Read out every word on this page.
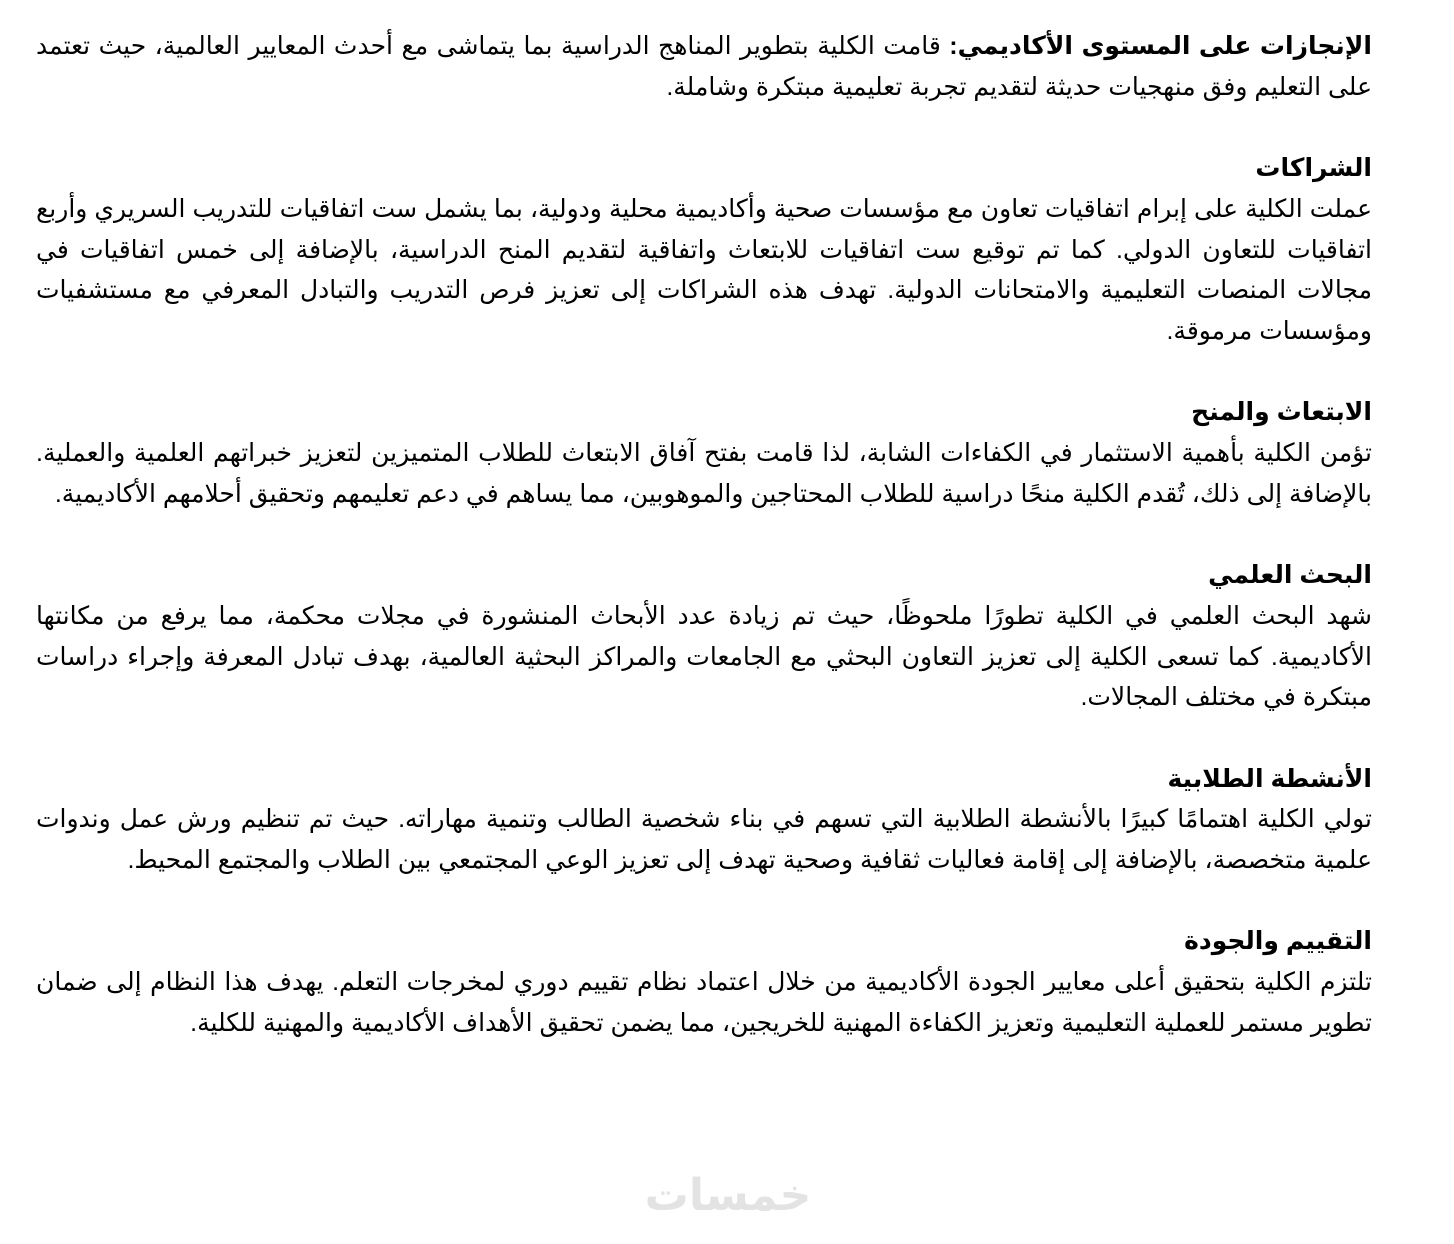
الإنجازات على المستوى الأكاديمي: قامت الكلية بتطوير المناهج الدراسية بما يتماشى مع أحدث المعايير العالمية، حيث تعتمد على التعليم وفق منهجيات حديثة لتقديم تجربة تعليمية مبتكرة وشاملة.

الشراكات

عملت الكلية على إبرام اتفاقيات تعاون مع مؤسسات صحية وأكاديمية محلية ودولية، بما يشمل ست اتفاقيات للتدريب السريري وأربع اتفاقيات للتعاون الدولي. كما تم توقيع ست اتفاقيات للابتعاث واتفاقية لتقديم المنح الدراسية، بالإضافة إلى خمس اتفاقيات في مجالات المنصات التعليمية والامتحانات الدولية. تهدف هذه الشراكات إلى تعزيز فرص التدريب والتبادل المعرفي مع مستشفيات ومؤسسات مرموقة.

الابتعاث والمنح

تؤمن الكلية بأهمية الاستثمار في الكفاءات الشابة، لذا قامت بفتح آفاق الابتعاث للطلاب المتميزين لتعزيز خبراتهم العلمية والعملية. بالإضافة إلى ذلك، تُقدم الكلية منحًا دراسية للطلاب المحتاجين والموهوبين، مما يساهم في دعم تعليمهم وتحقيق أحلامهم الأكاديمية.

البحث العلمي

شهد البحث العلمي في الكلية تطورًا ملحوظًا، حيث تم زيادة عدد الأبحاث المنشورة في مجلات محكمة، مما يرفع من مكانتها الأكاديمية. كما تسعى الكلية إلى تعزيز التعاون البحثي مع الجامعات والمراكز البحثية العالمية، بهدف تبادل المعرفة وإجراء دراسات مبتكرة في مختلف المجالات.

الأنشطة الطلابية

تولي الكلية اهتمامًا كبيرًا بالأنشطة الطلابية التي تسهم في بناء شخصية الطالب وتنمية مهاراته. حيث تم تنظيم ورش عمل وندوات علمية متخصصة، بالإضافة إلى إقامة فعاليات ثقافية وصحية تهدف إلى تعزيز الوعي المجتمعي بين الطلاب والمجتمع المحيط.

التقييم والجودة

تلتزم الكلية بتحقيق أعلى معايير الجودة الأكاديمية من خلال اعتماد نظام تقييم دوري لمخرجات التعلم. يهدف هذا النظام إلى ضمان تطوير مستمر للعملية التعليمية وتعزيز الكفاءة المهنية للخريجين، مما يضمن تحقيق الأهداف الأكاديمية والمهنية للكلية.

خمسات
